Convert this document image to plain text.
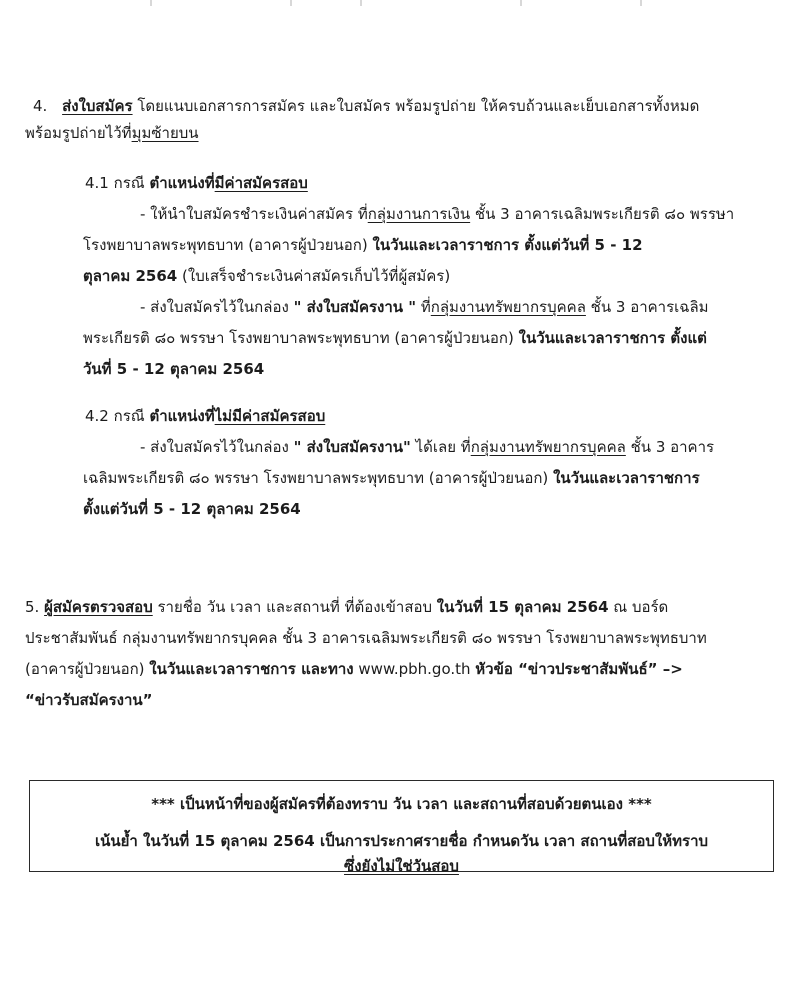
4. ส่งใบสมัคร โดยแนบเอกสารการสมัคร และใบสมัคร พร้อมรูปถ่าย ให้ครบถ้วนและเย็บเอกสารทั้งหมด
พร้อมรูปถ่ายไว้ที่มุมซ้ายบน
4.1 กรณี ตำแหน่งที่มีค่าสมัครสอบ
- ให้นำใบสมัครชำระเงินค่าสมัคร ที่กลุ่มงานการเงิน ชั้น 3 อาคารเฉลิมพระเกียรติ ๘๐ พรรษา
โรงพยาบาลพระพุทธบาท (อาคารผู้ป่วยนอก) ในวันและเวลาราชการ ตั้งแต่วันที่ 5 - 12
ตุลาคม 2564 (ใบเสร็จชำระเงินค่าสมัครเก็บไว้ที่ผู้สมัคร)
- ส่งใบสมัครไว้ในกล่อง " ส่งใบสมัครงาน " ที่กลุ่มงานทรัพยากรบุคคล ชั้น 3 อาคารเฉลิม
พระเกียรติ ๘๐ พรรษา โรงพยาบาลพระพุทธบาท (อาคารผู้ป่วยนอก) ในวันและเวลาราชการ ตั้งแต่
วันที่ 5 - 12 ตุลาคม 2564
4.2 กรณี ตำแหน่งที่ไม่มีค่าสมัครสอบ
- ส่งใบสมัครไว้ในกล่อง " ส่งใบสมัครงาน" ได้เลย ที่กลุ่มงานทรัพยากรบุคคล ชั้น 3 อาคาร
เฉลิมพระเกียรติ ๘๐ พรรษา โรงพยาบาลพระพุทธบาท (อาคารผู้ป่วยนอก) ในวันและเวลาราชการ
ตั้งแต่วันที่ 5 - 12 ตุลาคม 2564
5. ผู้สมัครตรวจสอบ รายชื่อ วัน เวลา และสถานที่ ที่ต้องเข้าสอบ ในวันที่ 15 ตุลาคม 2564 ณ บอร์ด
ประชาสัมพันธ์ กลุ่มงานทรัพยากรบุคคล ชั้น 3 อาคารเฉลิมพระเกียรติ ๘๐ พรรษา โรงพยาบาลพระพุทธบาท
(อาคารผู้ป่วยนอก) ในวันและเวลาราชการ และทาง www.pbh.go.th หัวข้อ “ข่าวประชาสัมพันธ์” –>
“ข่าวรับสมัครงาน”
*** เป็นหน้าที่ของผู้สมัครที่ต้องทราบ วัน เวลา และสถานที่สอบด้วยตนเอง ***
เน้นย้ำ ในวันที่ 15 ตุลาคม 2564 เป็นการประกาศรายชื่อ กำหนดวัน เวลา สถานที่สอบให้ทราบ
ซึ่งยังไม่ใช่วันสอบ
